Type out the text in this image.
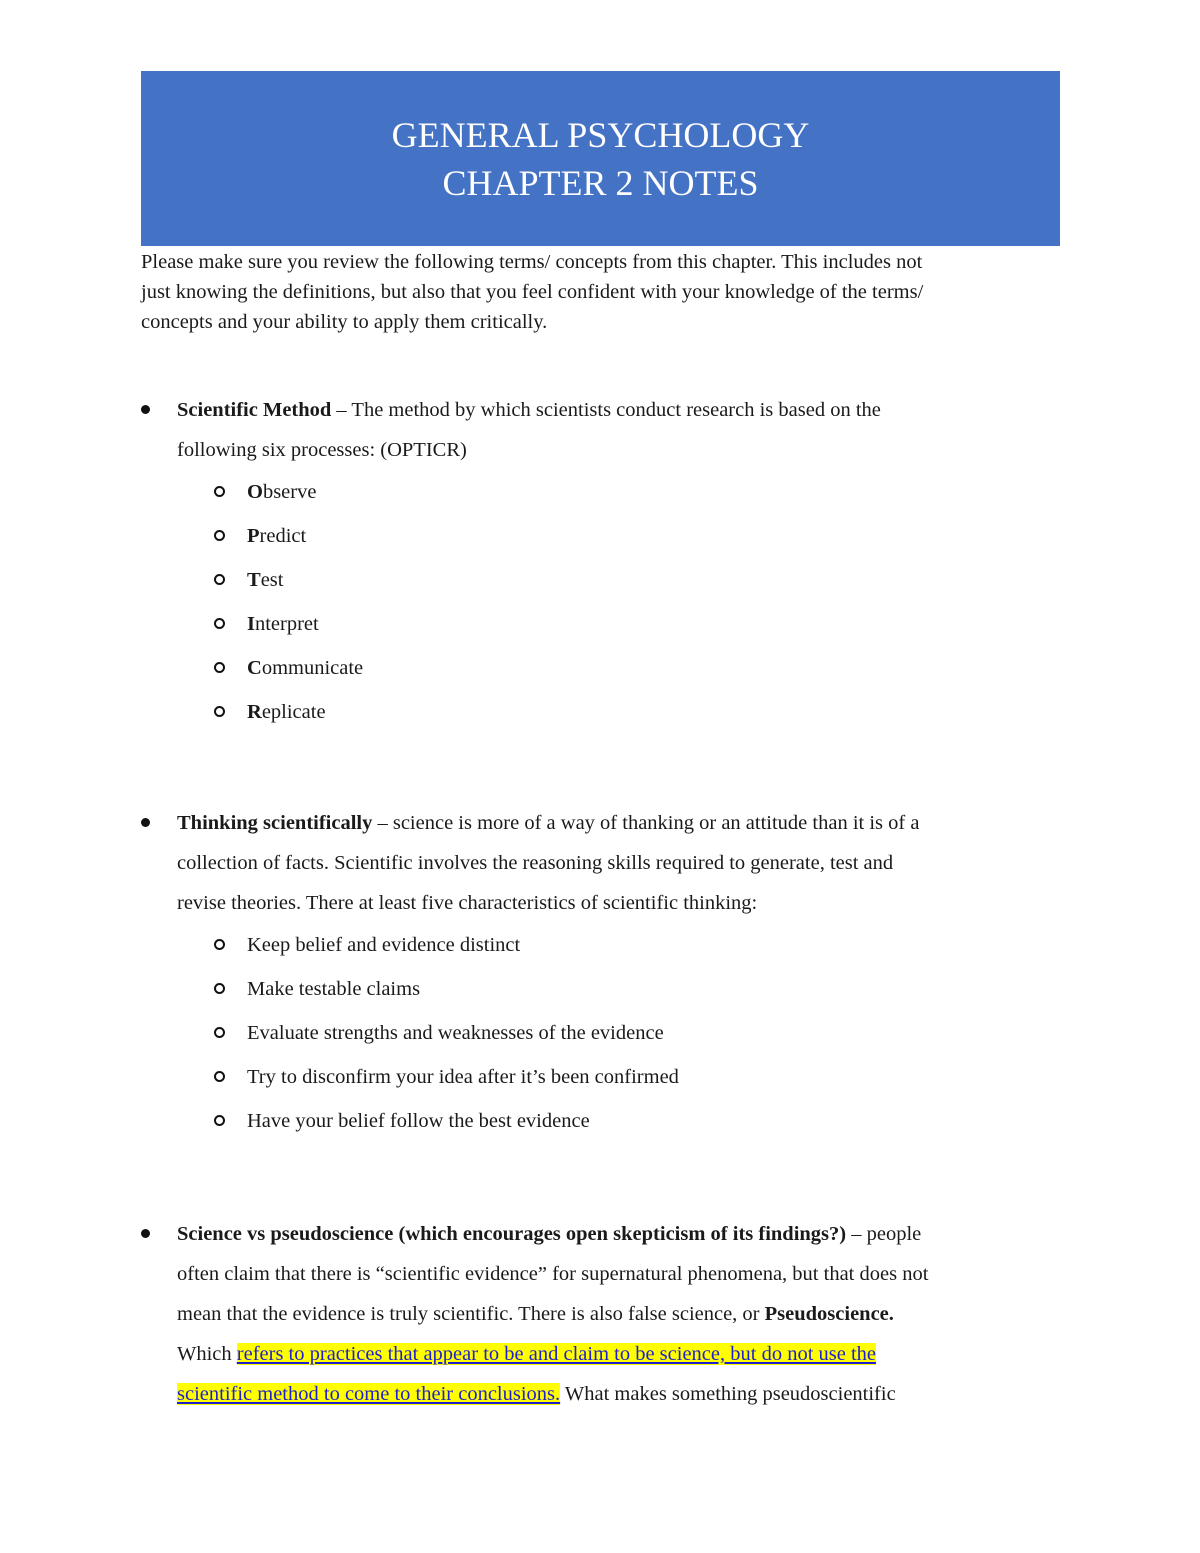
GENERAL PSYCHOLOGY
CHAPTER 2 NOTES

Please make sure you review the following terms/ concepts from this chapter. This includes not
just knowing the definitions, but also that you feel confident with your knowledge of the terms/
concepts and your ability to apply them critically.

Scientific Method – The method by which scientists conduct research is based on the
following six processes: (OPTICR)
Observe
Predict
Test
Interpret
Communicate
Replicate
Thinking scientifically – science is more of a way of thanking or an attitude than it is of a
collection of facts. Scientific involves the reasoning skills required to generate, test and
revise theories. There at least five characteristics of scientific thinking:
Keep belief and evidence distinct
Make testable claims
Evaluate strengths and weaknesses of the evidence
Try to disconfirm your idea after it’s been confirmed
Have your belief follow the best evidence
Science vs pseudoscience (which encourages open skepticism of its findings?) – people
often claim that there is “scientific evidence” for supernatural phenomena, but that does not
mean that the evidence is truly scientific. There is also false science, or Pseudoscience.
Which refers to practices that appear to be and claim to be science, but do not use the
scientific method to come to their conclusions. What makes something pseudoscientific
